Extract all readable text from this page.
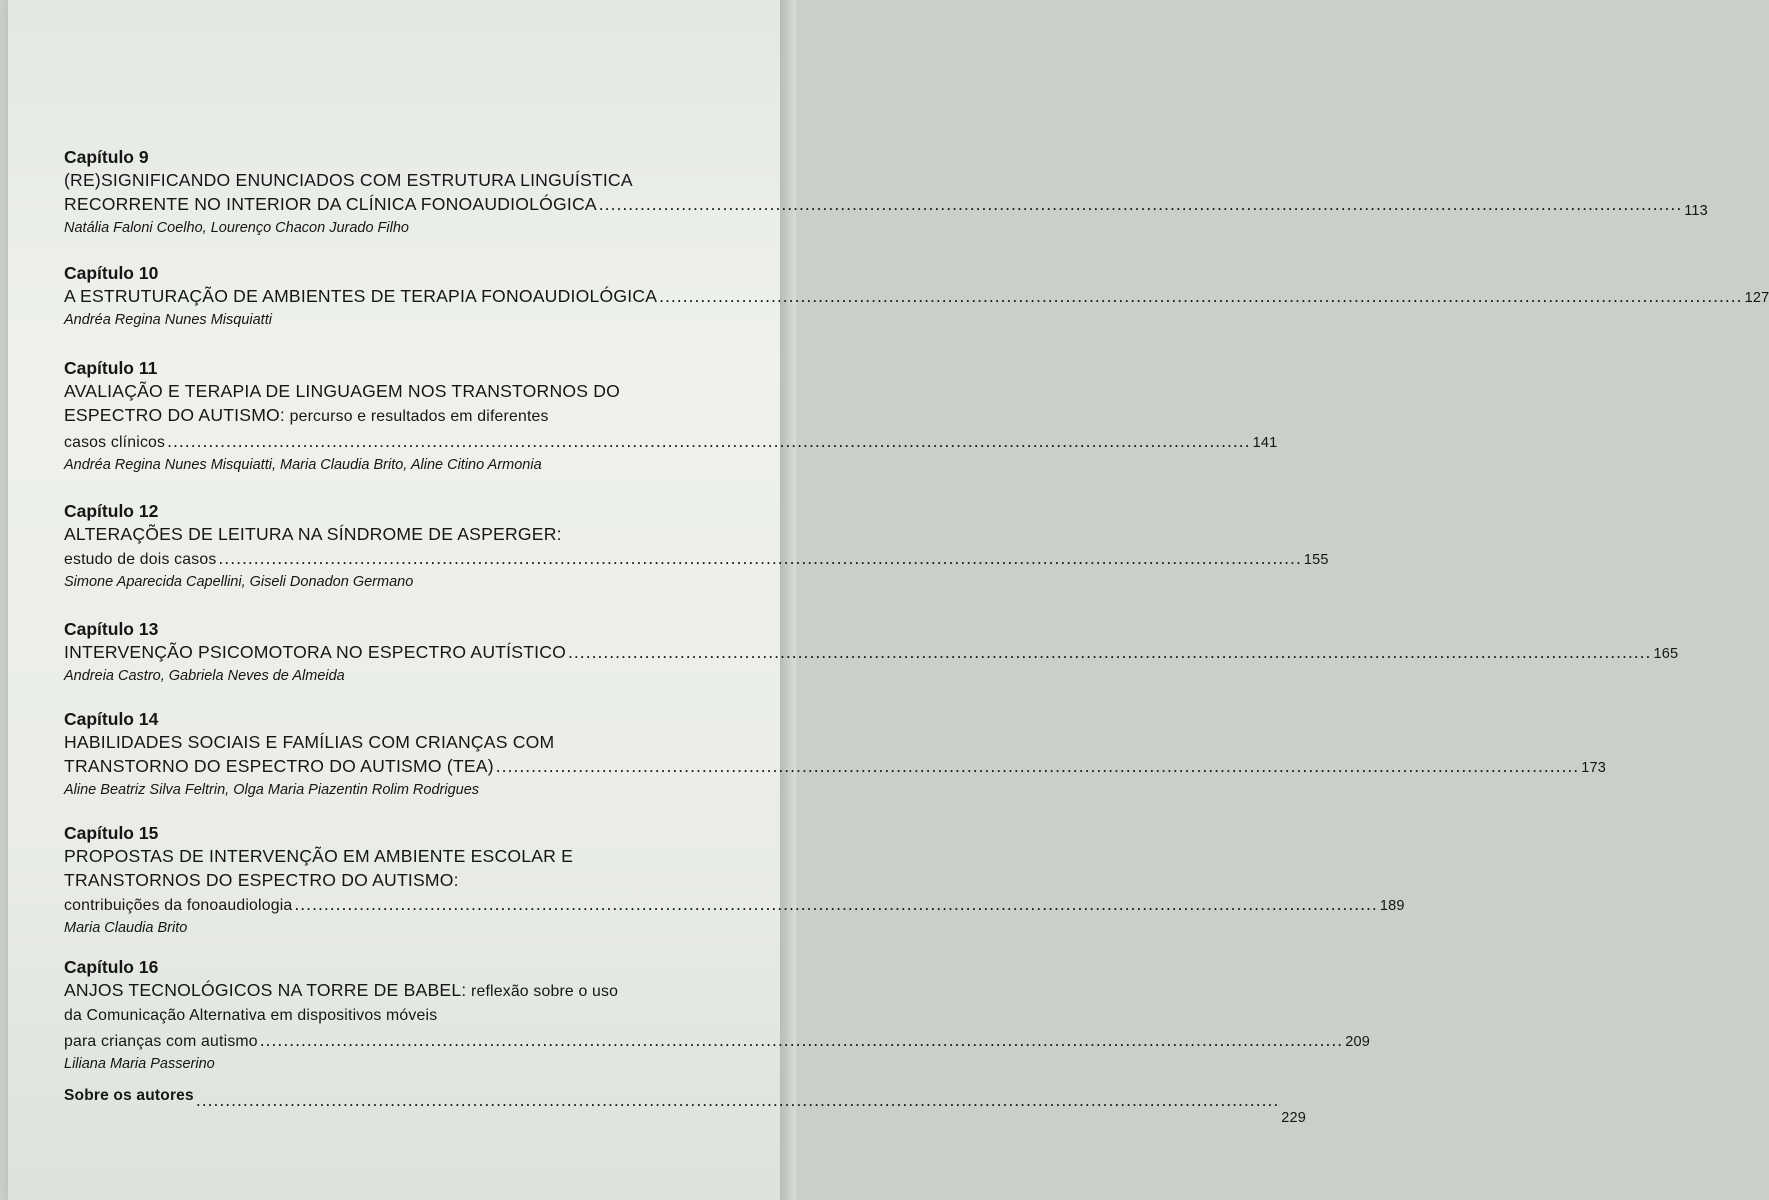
Capítulo 9
(RE)SIGNIFICANDO ENUNCIADOS COM ESTRUTURA LINGUÍSTICA
RECORRENTE NO INTERIOR DA CLÍNICA FONOAUDIOLÓGICA ........................................................................................................................................................................................ 113
Natália Faloni Coelho, Lourenço Chacon Jurado Filho
Capítulo 10
A ESTRUTURAÇÃO DE AMBIENTES DE TERAPIA FONOAUDIOLÓGICA ........................................................................................................................................................................................ 127
Andréa Regina Nunes Misquiatti
Capítulo 11
AVALIAÇÃO E TERAPIA DE LINGUAGEM NOS TRANSTORNOS DO
ESPECTRO DO AUTISMO: percurso e resultados em diferentes
casos clínicos ........................................................................................................................................................................................ 141
Andréa Regina Nunes Misquiatti, Maria Claudia Brito, Aline Citino Armonia
Capítulo 12
ALTERAÇÕES DE LEITURA NA SÍNDROME DE ASPERGER:
estudo de dois casos ........................................................................................................................................................................................ 155
Simone Aparecida Capellini, Giseli Donadon Germano
Capítulo 13
INTERVENÇÃO PSICOMOTORA NO ESPECTRO AUTÍSTICO ........................................................................................................................................................................................ 165
Andreia Castro, Gabriela Neves de Almeida
Capítulo 14
HABILIDADES SOCIAIS E FAMÍLIAS COM CRIANÇAS COM
TRANSTORNO DO ESPECTRO DO AUTISMO (TEA) ........................................................................................................................................................................................ 173
Aline Beatriz Silva Feltrin, Olga Maria Piazentin Rolim Rodrigues
Capítulo 15
PROPOSTAS DE INTERVENÇÃO EM AMBIENTE ESCOLAR E
TRANSTORNOS DO ESPECTRO DO AUTISMO:
contribuições da fonoaudiologia ........................................................................................................................................................................................ 189
Maria Claudia Brito
Capítulo 16
ANJOS TECNOLÓGICOS NA TORRE DE BABEL: reflexão sobre o uso
da Comunicação Alternativa em dispositivos móveis
para crianças com autismo ........................................................................................................................................................................................ 209
Liliana Maria Passerino
Sobre os autores ........................................................................................................................................................................................
229
